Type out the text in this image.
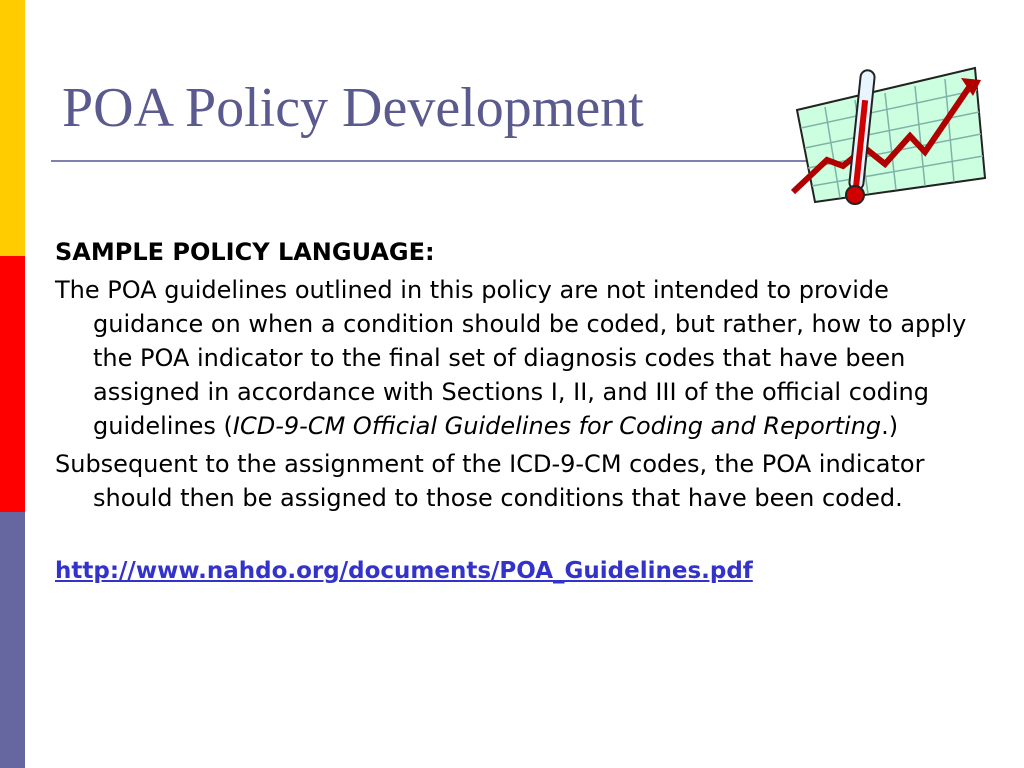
POA Policy Development
SAMPLE POLICY LANGUAGE:
The POA guidelines outlined in this policy are not intended to provide guidance on when a condition should be coded, but rather, how to apply the POA indicator to the final set of diagnosis codes that have been assigned in accordance with Sections I, II, and III of the official coding guidelines (ICD-9-CM Official Guidelines for Coding and Reporting.)
Subsequent to the assignment of the ICD-9-CM codes, the POA indicator should then be assigned to those conditions that have been coded.
http://www.nahdo.org/documents/POA_Guidelines.pdf
